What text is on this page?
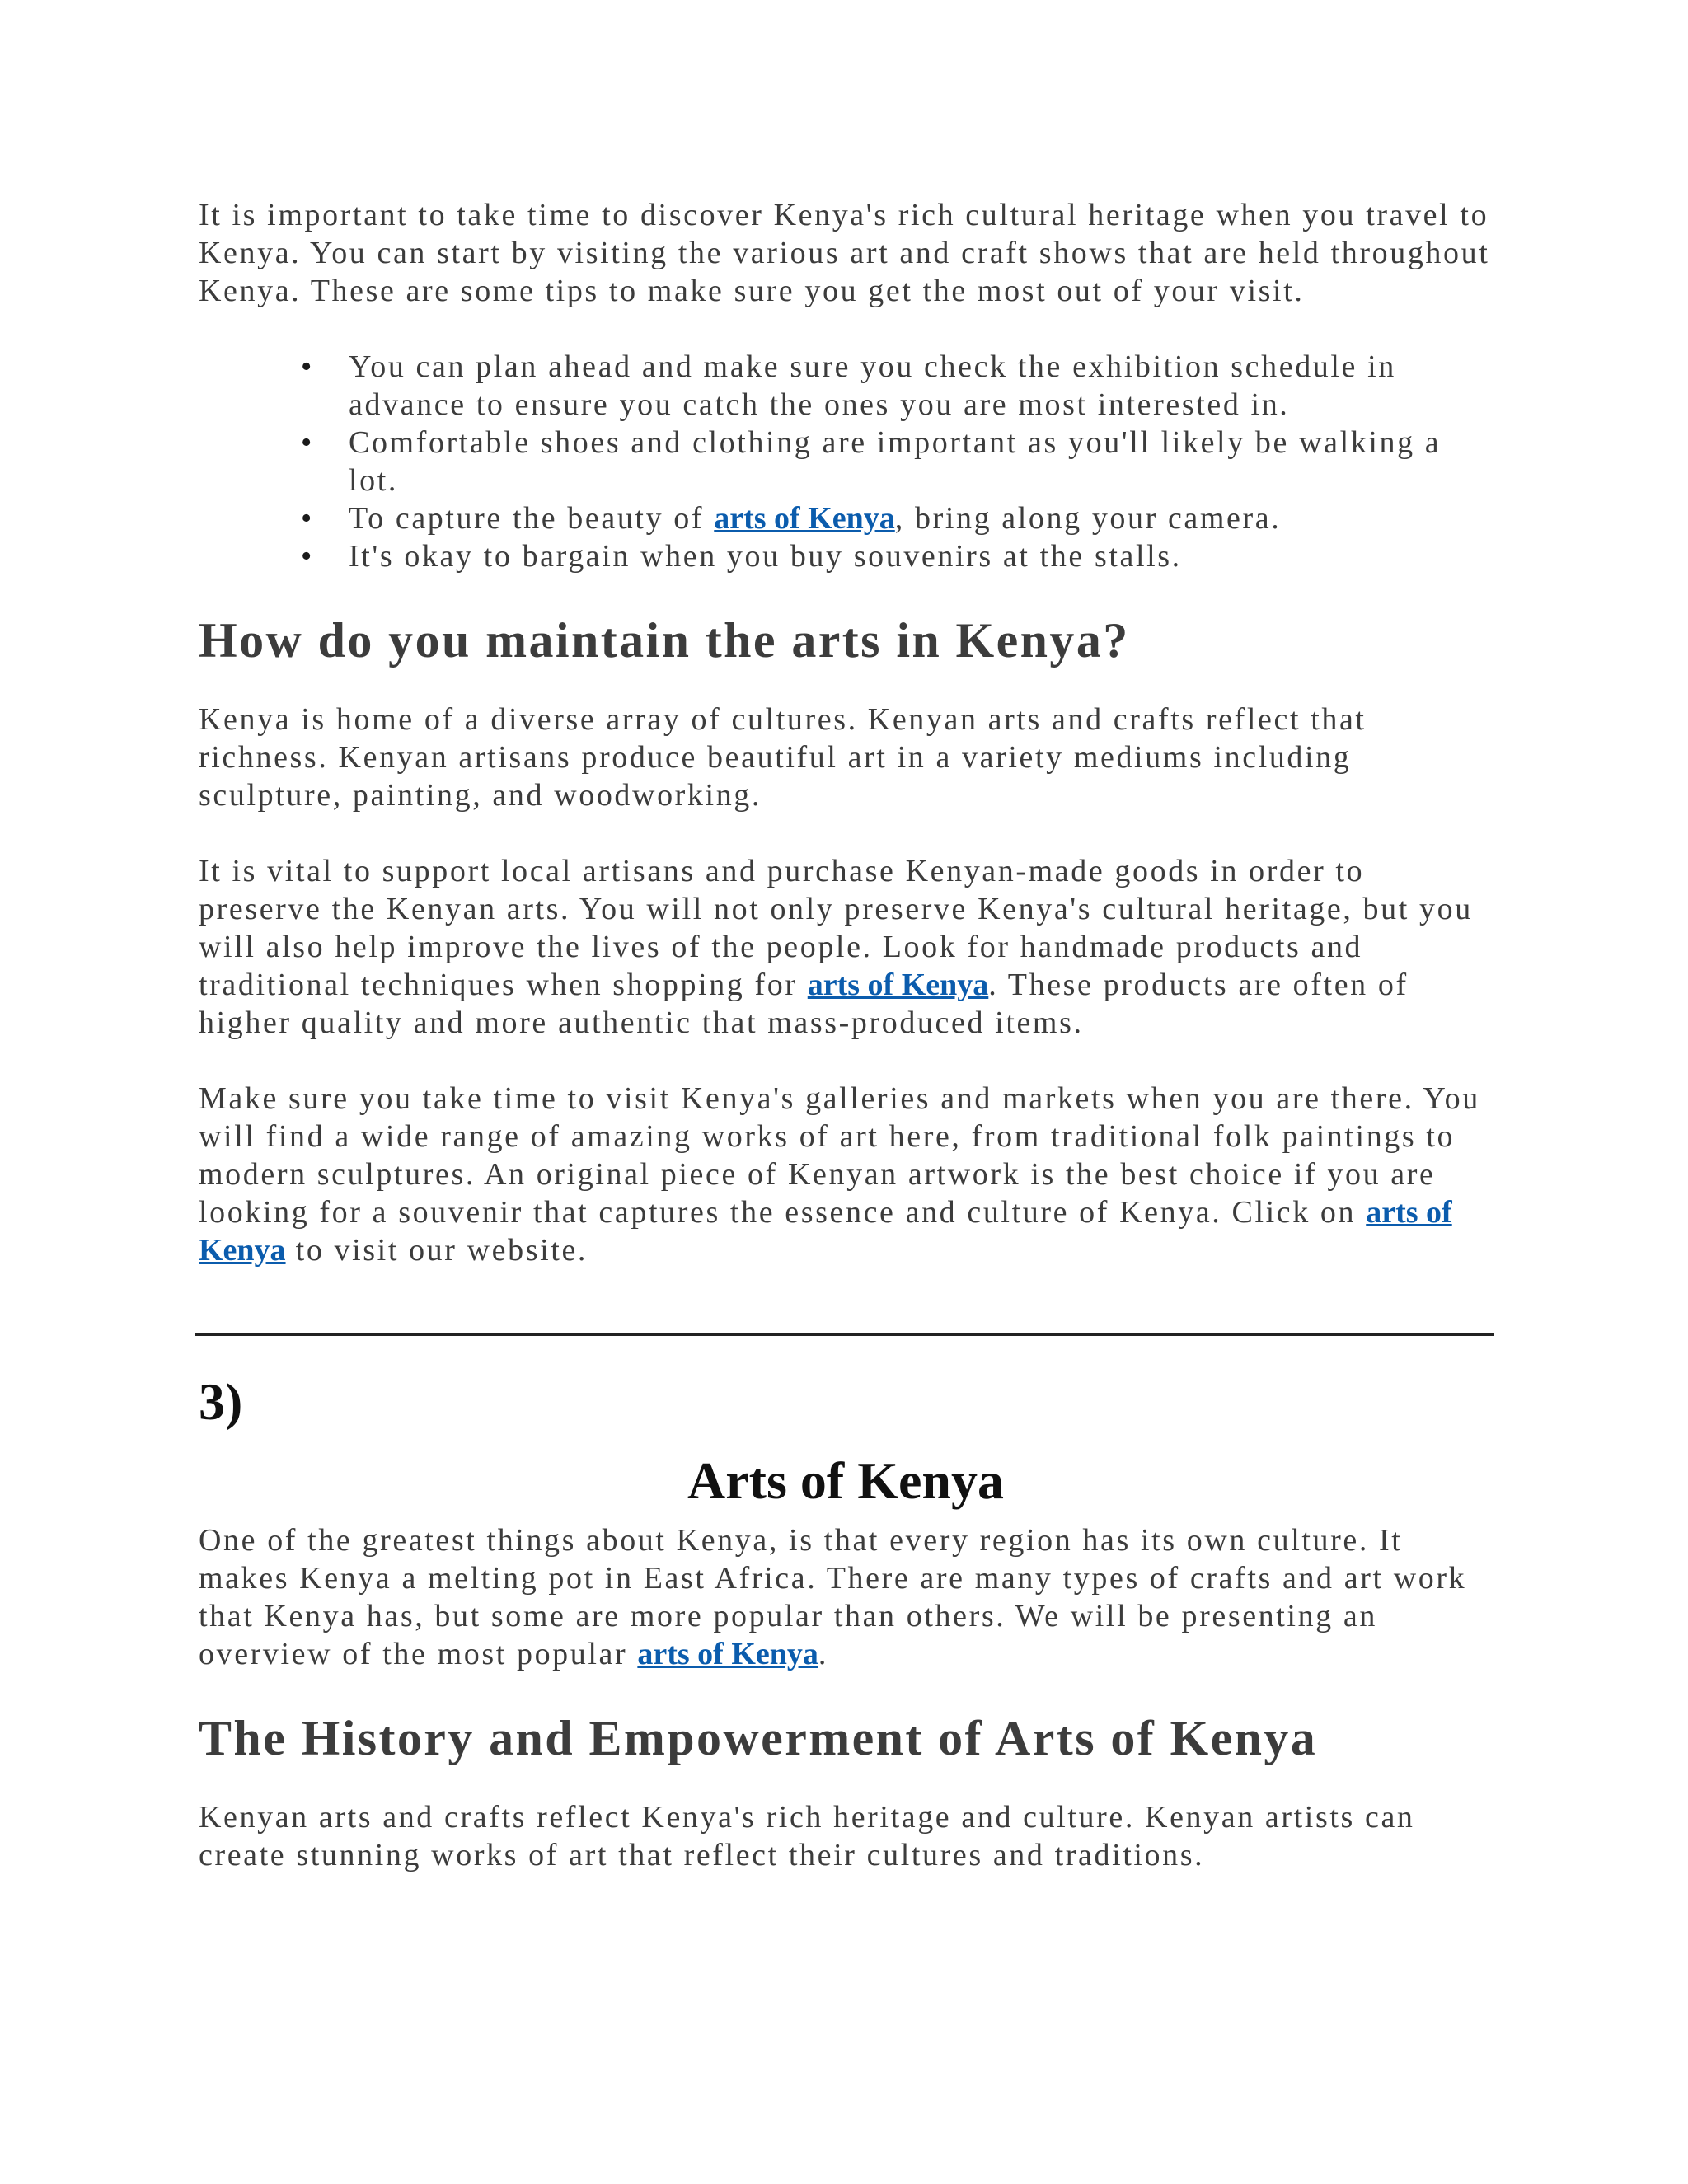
It is important to take time to discover Kenya's rich cultural heritage when you travel to Kenya. You can start by visiting the various art and craft shows that are held throughout Kenya. These are some tips to make sure you get the most out of your visit.

• You can plan ahead and make sure you check the exhibition schedule in advance to ensure you catch the ones you are most interested in.
• Comfortable shoes and clothing are important as you'll likely be walking a lot.
• To capture the beauty of arts of Kenya, bring along your camera.
• It's okay to bargain when you buy souvenirs at the stalls.
How do you maintain the arts in Kenya?

Kenya is home of a diverse array of cultures. Kenyan arts and crafts reflect that richness. Kenyan artisans produce beautiful art in a variety mediums including sculpture, painting, and woodworking.

It is vital to support local artisans and purchase Kenyan-made goods in order to preserve the Kenyan arts. You will not only preserve Kenya's cultural heritage, but you will also help improve the lives of the people. Look for handmade products and traditional techniques when shopping for arts of Kenya. These products are often of higher quality and more authentic that mass-produced items.

Make sure you take time to visit Kenya's galleries and markets when you are there. You will find a wide range of amazing works of art here, from traditional folk paintings to modern sculptures. An original piece of Kenyan artwork is the best choice if you are looking for a souvenir that captures the essence and culture of Kenya. Click on arts of Kenya to visit our website.

3)
Arts of Kenya

One of the greatest things about Kenya, is that every region has its own culture. It makes Kenya a melting pot in East Africa. There are many types of crafts and art work that Kenya has, but some are more popular than others. We will be presenting an overview of the most popular arts of Kenya.

The History and Empowerment of Arts of Kenya

Kenyan arts and crafts reflect Kenya's rich heritage and culture. Kenyan artists can create stunning works of art that reflect their cultures and traditions.
